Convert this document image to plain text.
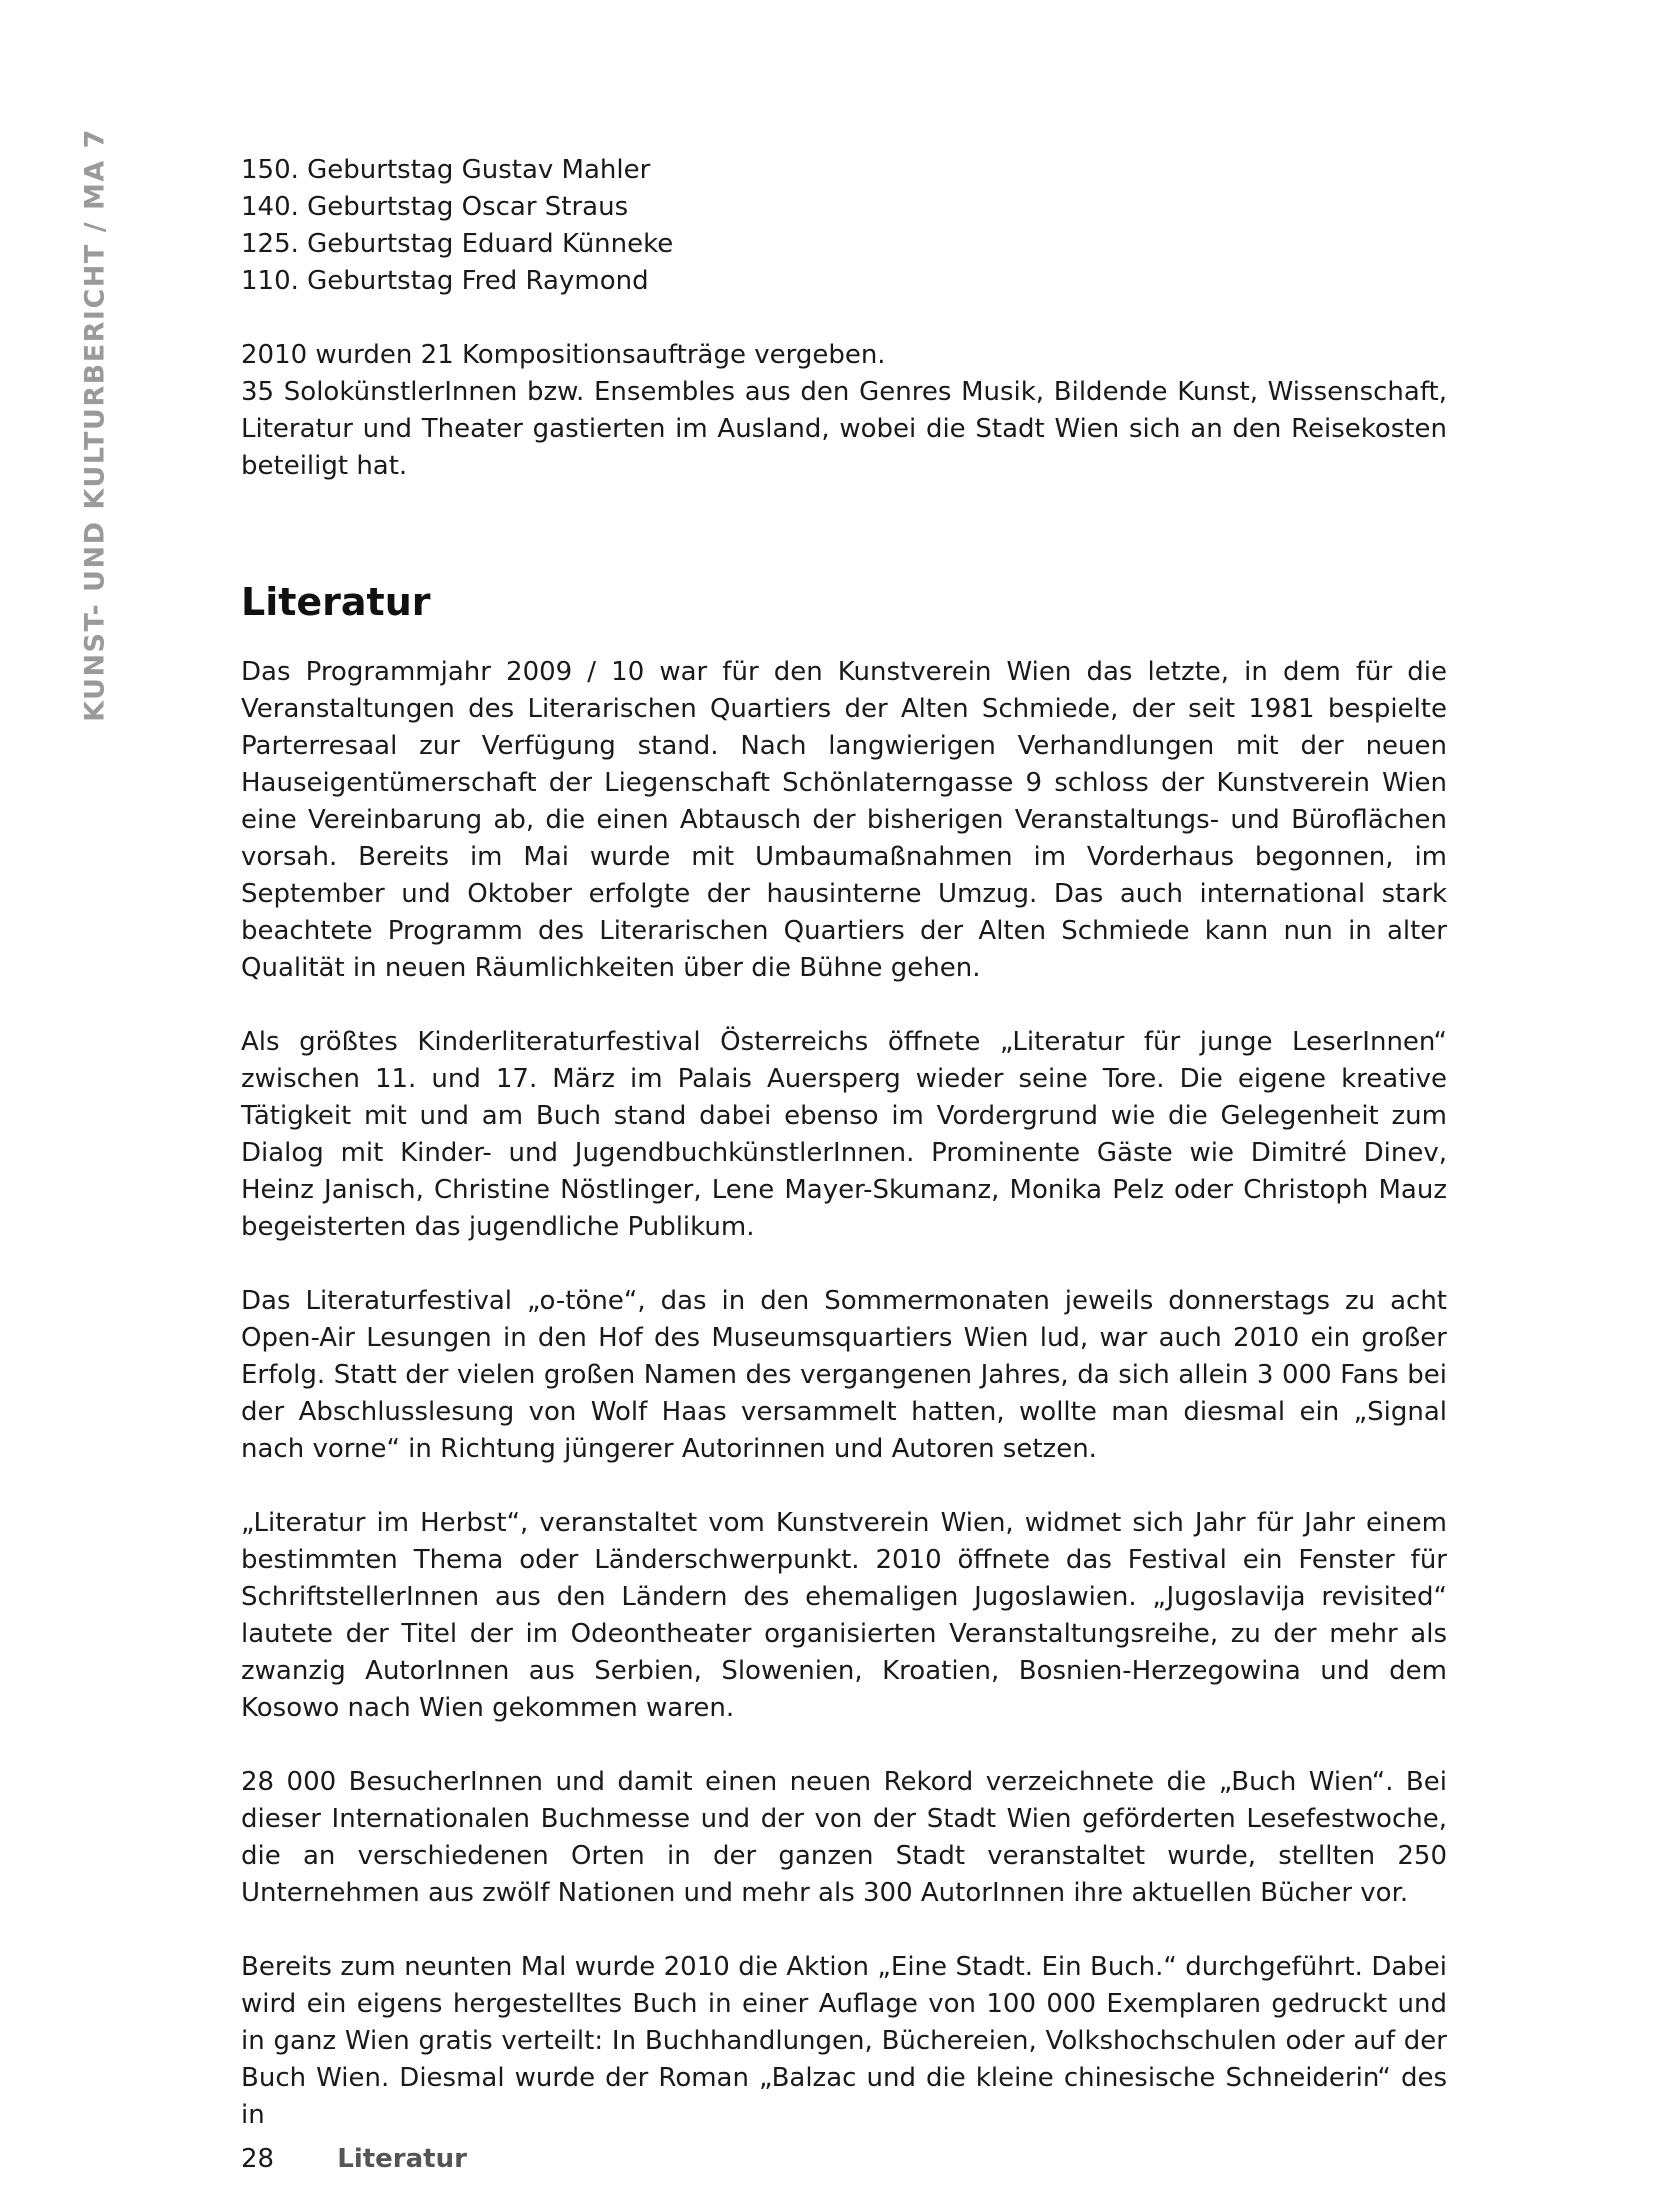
KUNST- UND KULTURBERICHT / MA 7	150. Geburtstag Gustav Mahler
140. Geburtstag Oscar Straus
125. Geburtstag Eduard Künneke
110. Geburtstag Fred Raymond

2010 wurden 21 Kompositionsaufträge vergeben.

35 SolokünstlerInnen bzw. Ensembles aus den Genres Musik, Bildende Kunst, Wissenschaft, Literatur und Theater gastierten im Ausland, wobei die Stadt Wien sich an den Reisekosten beteiligt hat.

Literatur

Das Programmjahr 2009 / 10 war für den Kunstverein Wien das letzte, in dem für die Veranstaltungen des Literarischen Quartiers der Alten Schmiede, der seit 1981 bespielte Parterresaal zur Verfügung stand. Nach langwierigen Verhandlungen mit der neuen Hauseigentümerschaft der Liegenschaft Schönlaterngasse 9 schloss der Kunstverein Wien eine Vereinbarung ab, die einen Abtausch der bisherigen Veranstaltungs- und Büroflächen vorsah. Bereits im Mai wurde mit Umbaumaßnahmen im Vorderhaus begonnen, im September und Oktober erfolgte der hausinterne Umzug. Das auch international stark beachtete Programm des Literarischen Quartiers der Alten Schmiede kann nun in alter Qualität in neuen Räumlichkeiten über die Bühne gehen.

Als größtes Kinderliteraturfestival Österreichs öffnete „Literatur für junge LeserInnen“ zwischen 11. und 17. März im Palais Auersperg wieder seine Tore. Die eigene kreative Tätigkeit mit und am Buch stand dabei ebenso im Vordergrund wie die Gelegenheit zum Dialog mit Kinder- und JugendbuchkünstlerInnen. Prominente Gäste wie Dimitré Dinev, Heinz Janisch, Christine Nöstlinger, Lene Mayer-Skumanz, Monika Pelz oder Christoph Mauz begeisterten das jugendliche Publikum.

Das Literaturfestival „o-töne“, das in den Sommermonaten jeweils donnerstags zu acht Open-Air Lesungen in den Hof des Museumsquartiers Wien lud, war auch 2010 ein großer Erfolg. Statt der vielen großen Namen des vergangenen Jahres, da sich allein 3 000 Fans bei der Abschlusslesung von Wolf Haas versammelt hatten, wollte man diesmal ein „Signal nach vorne“ in Richtung jüngerer Autorinnen und Autoren setzen.

„Literatur im Herbst“, veranstaltet vom Kunstverein Wien, widmet sich Jahr für Jahr einem bestimmten Thema oder Länderschwerpunkt. 2010 öffnete das Festival ein Fenster für SchriftstellerInnen aus den Ländern des ehemaligen Jugoslawien. „Jugoslavija revisited“ lautete der Titel der im Odeontheater organisierten Veranstaltungsreihe, zu der mehr als zwanzig AutorInnen aus Serbien, Slowenien, Kroatien, Bosnien-Herzegowina und dem Kosowo nach Wien gekommen waren.

28 000 BesucherInnen und damit einen neuen Rekord verzeichnete die „Buch Wien“. Bei dieser Internationalen Buchmesse und der von der Stadt Wien geförderten Lesefestwoche, die an verschiedenen Orten in der ganzen Stadt veranstaltet wurde, stellten 250 Unternehmen aus zwölf Nationen und mehr als 300 AutorInnen ihre aktuellen Bücher vor.

Bereits zum neunten Mal wurde 2010 die Aktion „Eine Stadt. Ein Buch.“ durchgeführt. Dabei wird ein eigens hergestelltes Buch in einer Auflage von 100 000 Exemplaren gedruckt und in ganz Wien gratis verteilt: In Buchhandlungen, Büchereien, Volkshochschulen oder auf der Buch Wien. Diesmal wurde der Roman „Balzac und die kleine chinesische Schneiderin“ des in

28 Literatur
